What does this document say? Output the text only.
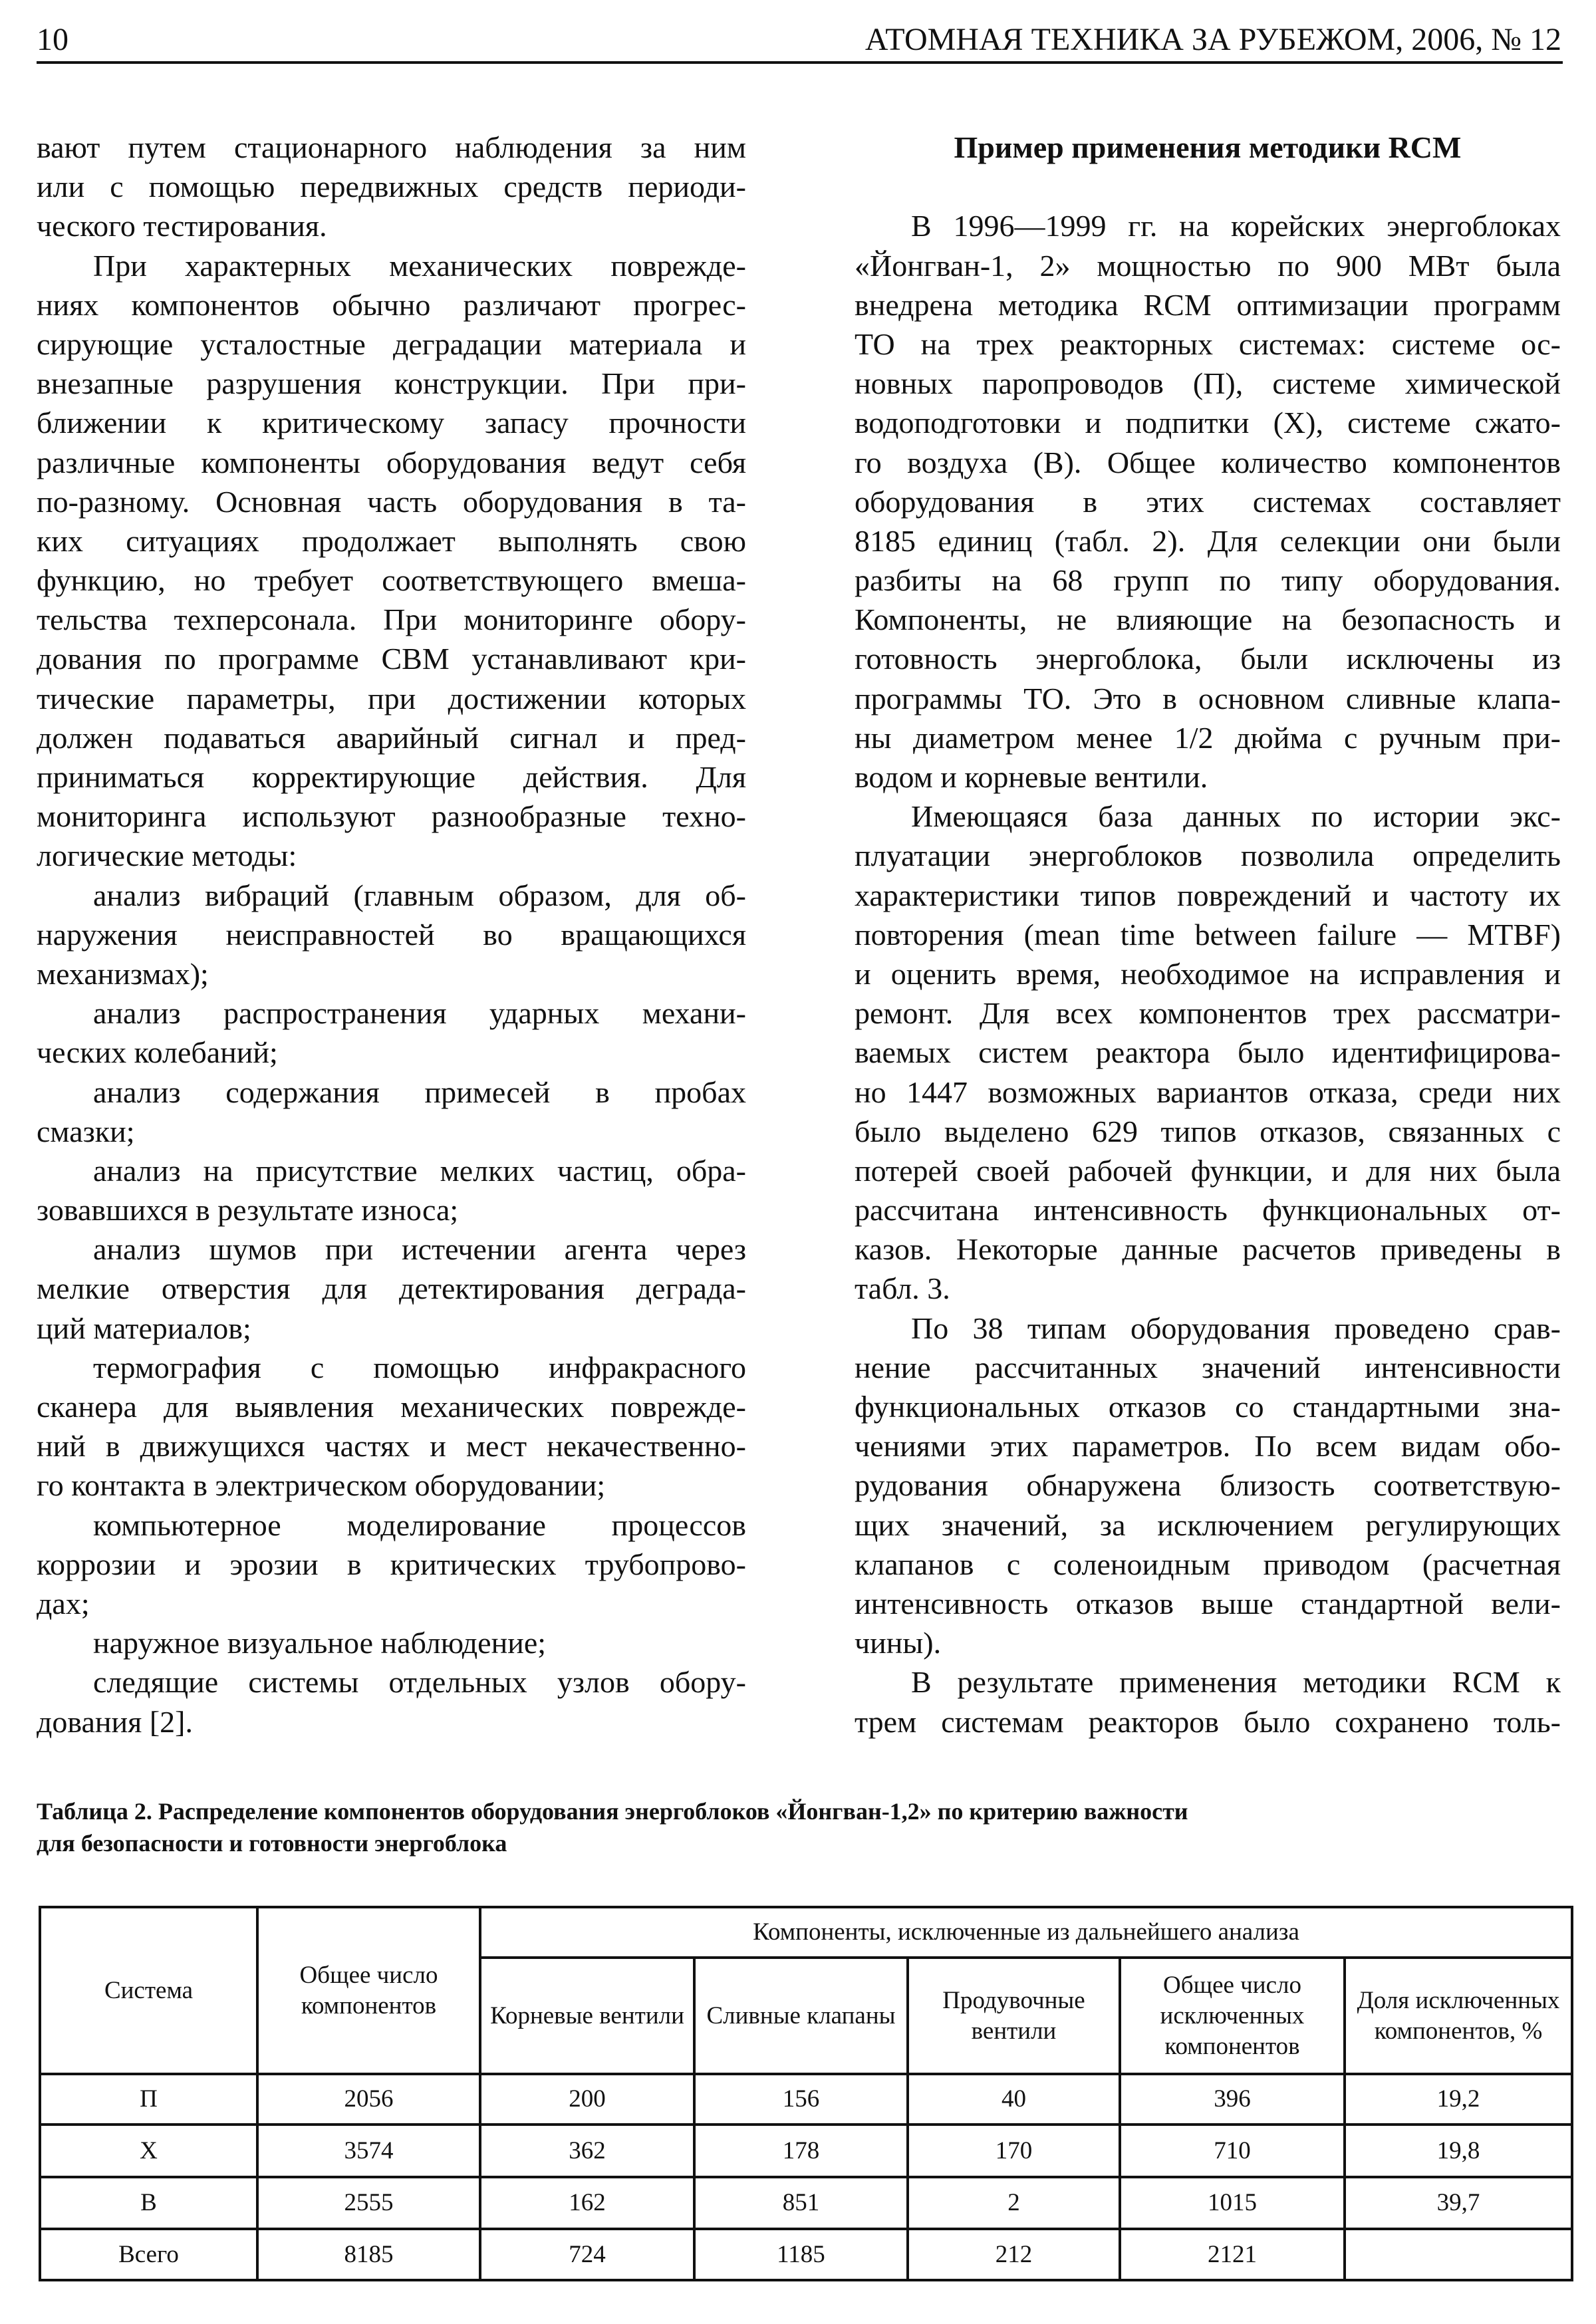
10	АТОМНАЯ ТЕХНИКА ЗА РУБЕЖОМ, 2006, № 12
вают путем стационарного наблюдения за ним
или с помощью передвижных средств периоди-
ческого тестирования.
При характерных механических поврежде-
ниях компонентов обычно различают прогрес-
сирующие усталостные деградации материала и
внезапные разрушения конструкции. При при-
ближении к критическому запасу прочности
различные компоненты оборудования ведут себя
по-разному. Основная часть оборудования в та-
ких ситуациях продолжает выполнять свою
функцию, но требует соответствующего вмеша-
тельства техперсонала. При мониторинге обору-
дования по программе СВМ устанавливают кри-
тические параметры, при достижении которых
должен подаваться аварийный сигнал и пред-
приниматься корректирующие действия. Для
мониторинга используют разнообразные техно-
логические методы:
анализ вибраций (главным образом, для об-
наружения неисправностей во вращающихся
механизмах);
анализ распространения ударных механи-
ческих колебаний;
анализ содержания примесей в пробах
смазки;
анализ на присутствие мелких частиц, обра-
зовавшихся в результате износа;
анализ шумов при истечении агента через
мелкие отверстия для детектирования деграда-
ций материалов;
термография с помощью инфракрасного
сканера для выявления механических поврежде-
ний в движущихся частях и мест некачественно-
го контакта в электрическом оборудовании;
компьютерное моделирование процессов
коррозии и эрозии в критических трубопрово-
дах;
наружное визуальное наблюдение;
следящие системы отдельных узлов обору-
дования [2].
Пример применения методики RCM
В 1996—1999 гг. на корейских энергоблоках
«Йонгван-1, 2» мощностью по 900 МВт была
внедрена методика RCM оптимизации программ
ТО на трех реакторных системах: системе ос-
новных паропроводов (П), системе химической
водоподготовки и подпитки (Х), системе сжато-
го воздуха (В). Общее количество компонентов
оборудования в этих системах составляет
8185 единиц (табл. 2). Для селекции они были
разбиты на 68 групп по типу оборудования.
Компоненты, не влияющие на безопасность и
готовность энергоблока, были исключены из
программы ТО. Это в основном сливные клапа-
ны диаметром менее 1/2 дюйма с ручным при-
водом и корневые вентили.
Имеющаяся база данных по истории экс-
плуатации энергоблоков позволила определить
характеристики типов повреждений и частоту их
повторения (mean time between failure — MTBF)
и оценить время, необходимое на исправления и
ремонт. Для всех компонентов трех рассматри-
ваемых систем реактора было идентифицирова-
но 1447 возможных вариантов отказа, среди них
было выделено 629 типов отказов, связанных с
потерей своей рабочей функции, и для них была
рассчитана интенсивность функциональных от-
казов. Некоторые данные расчетов приведены в
табл. 3.
По 38 типам оборудования проведено срав-
нение рассчитанных значений интенсивности
функциональных отказов со стандартными зна-
чениями этих параметров. По всем видам обо-
рудования обнаружена близость соответствую-
щих значений, за исключением регулирующих
клапанов с соленоидным приводом (расчетная
интенсивность отказов выше стандартной вели-
чины).
В результате применения методики RCM к
трем системам реакторов было сохранено толь-
Таблица 2. Распределение компонентов оборудования энергоблоков «Йонгван-1,2» по критерию важности
для безопасности и готовности энергоблока
Система	Общее число компонентов	Компоненты, исключенные из дальнейшего анализа				
		Корневые вентили	Сливные клапаны	Продувочные вентили	Общее число исключенных компонентов	Доля исключенных компонентов, %
П	2056	200	156	40	396	19,2
Х	3574	362	178	170	710	19,8
В	2555	162	851	2	1015	39,7
Всего	8185	724	1185	212	2121	
